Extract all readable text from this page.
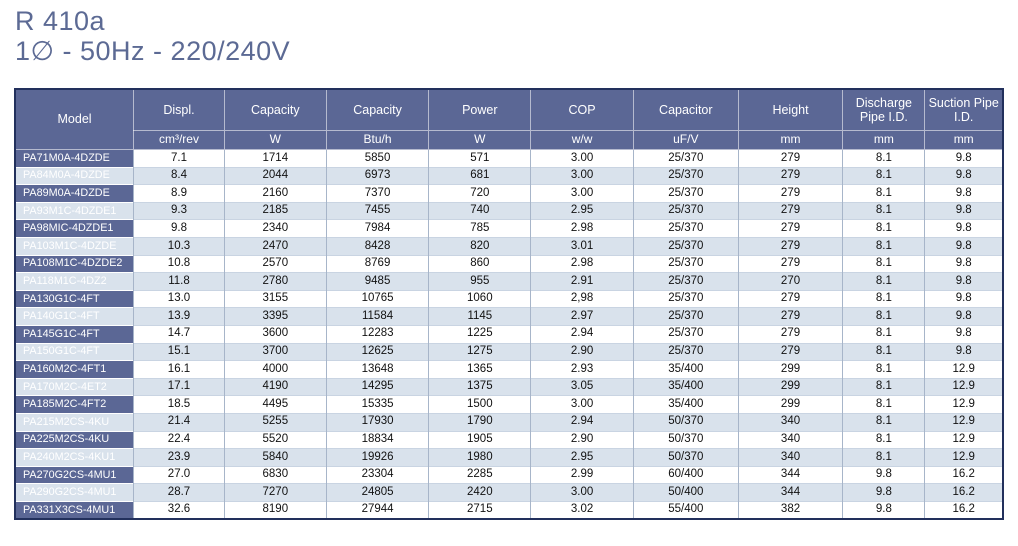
R 410a
1∅ - 50Hz - 220/240V
Model	Displ.	Capacity	Capacity	Power	COP	Capacitor	Height	Discharge Pipe I.D.	Suction Pipe I.D.
	cm³/rev	W	Btu/h	W	w/w	uF/V	mm	mm	mm
PA71M0A-4DZDE	7.1	1714	5850	571	3.00	25/370	279	8.1	9.8
PA84M0A-4DZDE	8.4	2044	6973	681	3.00	25/370	279	8.1	9.8
PA89M0A-4DZDE	8.9	2160	7370	720	3.00	25/370	279	8.1	9.8
PA93M1C-4DZDE1	9.3	2185	7455	740	2.95	25/370	279	8.1	9.8
PA98MIC-4DZDE1	9.8	2340	7984	785	2.98	25/370	279	8.1	9.8
PA103M1C-4DZDE	10.3	2470	8428	820	3.01	25/370	279	8.1	9.8
PA108M1C-4DZDE2	10.8	2570	8769	860	2.98	25/370	279	8.1	9.8
PA118M1C-4DZ2	11.8	2780	9485	955	2.91	25/370	270	8.1	9.8
PA130G1C-4FT	13.0	3155	10765	1060	2,98	25/370	279	8.1	9.8
PA140G1C-4FT	13.9	3395	11584	1145	2.97	25/370	279	8.1	9.8
PA145G1C-4FT	14.7	3600	12283	1225	2.94	25/370	279	8.1	9.8
PA150G1C-4FT	15.1	3700	12625	1275	2.90	25/370	279	8.1	9.8
PA160M2C-4FT1	16.1	4000	13648	1365	2.93	35/400	299	8.1	12.9
PA170M2C-4ET2	17.1	4190	14295	1375	3.05	35/400	299	8.1	12.9
PA185M2C-4FT2	18.5	4495	15335	1500	3.00	35/400	299	8.1	12.9
PA215M2CS-4KU	21.4	5255	17930	1790	2.94	50/370	340	8.1	12.9
PA225M2CS-4KU	22.4	5520	18834	1905	2.90	50/370	340	8.1	12.9
PA240M2CS-4KU1	23.9	5840	19926	1980	2.95	50/370	340	8.1	12.9
PA270G2CS-4MU1	27.0	6830	23304	2285	2.99	60/400	344	9.8	16.2
PA290G2CS-4MU1	28.7	7270	24805	2420	3.00	50/400	344	9.8	16.2
PA331X3CS-4MU1	32.6	8190	27944	2715	3.02	55/400	382	9.8	16.2
